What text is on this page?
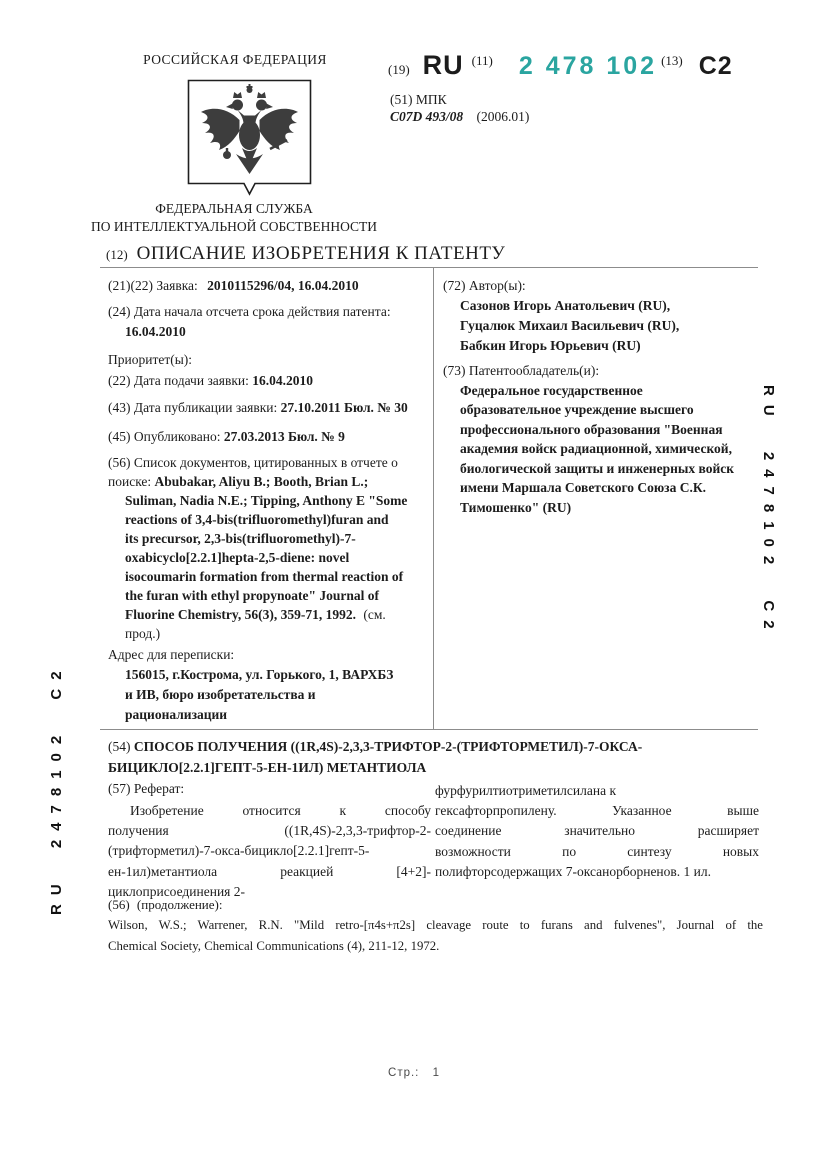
РОССИЙСКАЯ ФЕДЕРАЦИЯ
ФЕДЕРАЛЬНАЯ СЛУЖБА
ПО ИНТЕЛЛЕКТУАЛЬНОЙ СОБСТВЕННОСТИ
(19) RU $^{(11)}$ 2 478 102 $^{(13)}$ C2
(51) МПК
C07D 493/08 (2006.01)
(12) ОПИСАНИЕ ИЗОБРЕТЕНИЯ К ПАТЕНТУ
(21)(22) Заявка: 2010115296/04, 16.04.2010
(24) Дата начала отсчета срока действия патента:
16.04.2010
Приоритет(ы):
(22) Дата подачи заявки: 16.04.2010
(43) Дата публикации заявки: 27.10.2011 Бюл. № 30
(45) Опубликовано: 27.03.2013 Бюл. № 9
(56) Список документов, цитированных в отчете о
поиске: Abubakar, Aliyu B.; Booth, Brian L.;
Suliman, Nadia N.E.; Tipping, Anthony E "Some
reactions of 3,4-bis(trifluoromethyl)furan and
its precursor, 2,3-bis(trifluoromethyl)-7-
oxabicyclo[2.2.1]hepta-2,5-diene: novel
isocoumarin formation from thermal reaction of
the furan with ethyl propynoate" Journal of
Fluorine Chemistry, 56(3), 359-71, 1992. (см.
прод.)
Адрес для переписки:
156015, г.Кострома, ул. Горького, 1, ВАРХБЗ
и ИВ, бюро изобретательства и
рационализации
(72) Автор(ы):
Сазонов Игорь Анатольевич (RU),
Гуцалюк Михаил Васильевич (RU),
Бабкин Игорь Юрьевич (RU)
(73) Патентообладатель(и):
Федеральное государственное
образовательное учреждение высшего
профессионального образования "Военная
академия войск радиационной, химической,
биологической защиты и инженерных войск
имени Маршала Советского Союза С.К.
Тимошенко" (RU)
(54) СПОСОБ ПОЛУЧЕНИЯ ((1R,4S)-2,3,3-ТРИФТОР-2-(ТРИФТОРМЕТИЛ)-7-ОКСА-
БИЦИКЛО[2.2.1]ГЕПТ-5-ЕН-1ИЛ) МЕТАНТИОЛА
(57) Реферат:
Изобретение относится к способу
получения ((1R,4S)-2,3,3-трифтор-2-
(трифторметил)-7-окса-бицикло[2.2.1]гепт-5-
ен-1ил)метантиола реакцией [4+2]-
циклоприсоединения 2-
фурфурилтиотриметилсилана к
гексафторпропилену. Указанное выше
соединение значительно расширяет
возможности по синтезу новых
полифторсодержащих 7-оксанорборненов. 1 ил.
(56) (продолжение):
Wilson, W.S.; Warrener, R.N. "Mild retro-[π4s+π2s] cleavage route to furans and fulvenes", Journal of the
Chemical Society, Chemical Communications (4), 211-12, 1972.
RU 2478102 C2
RU 2478102 C2
Стр.: 1
